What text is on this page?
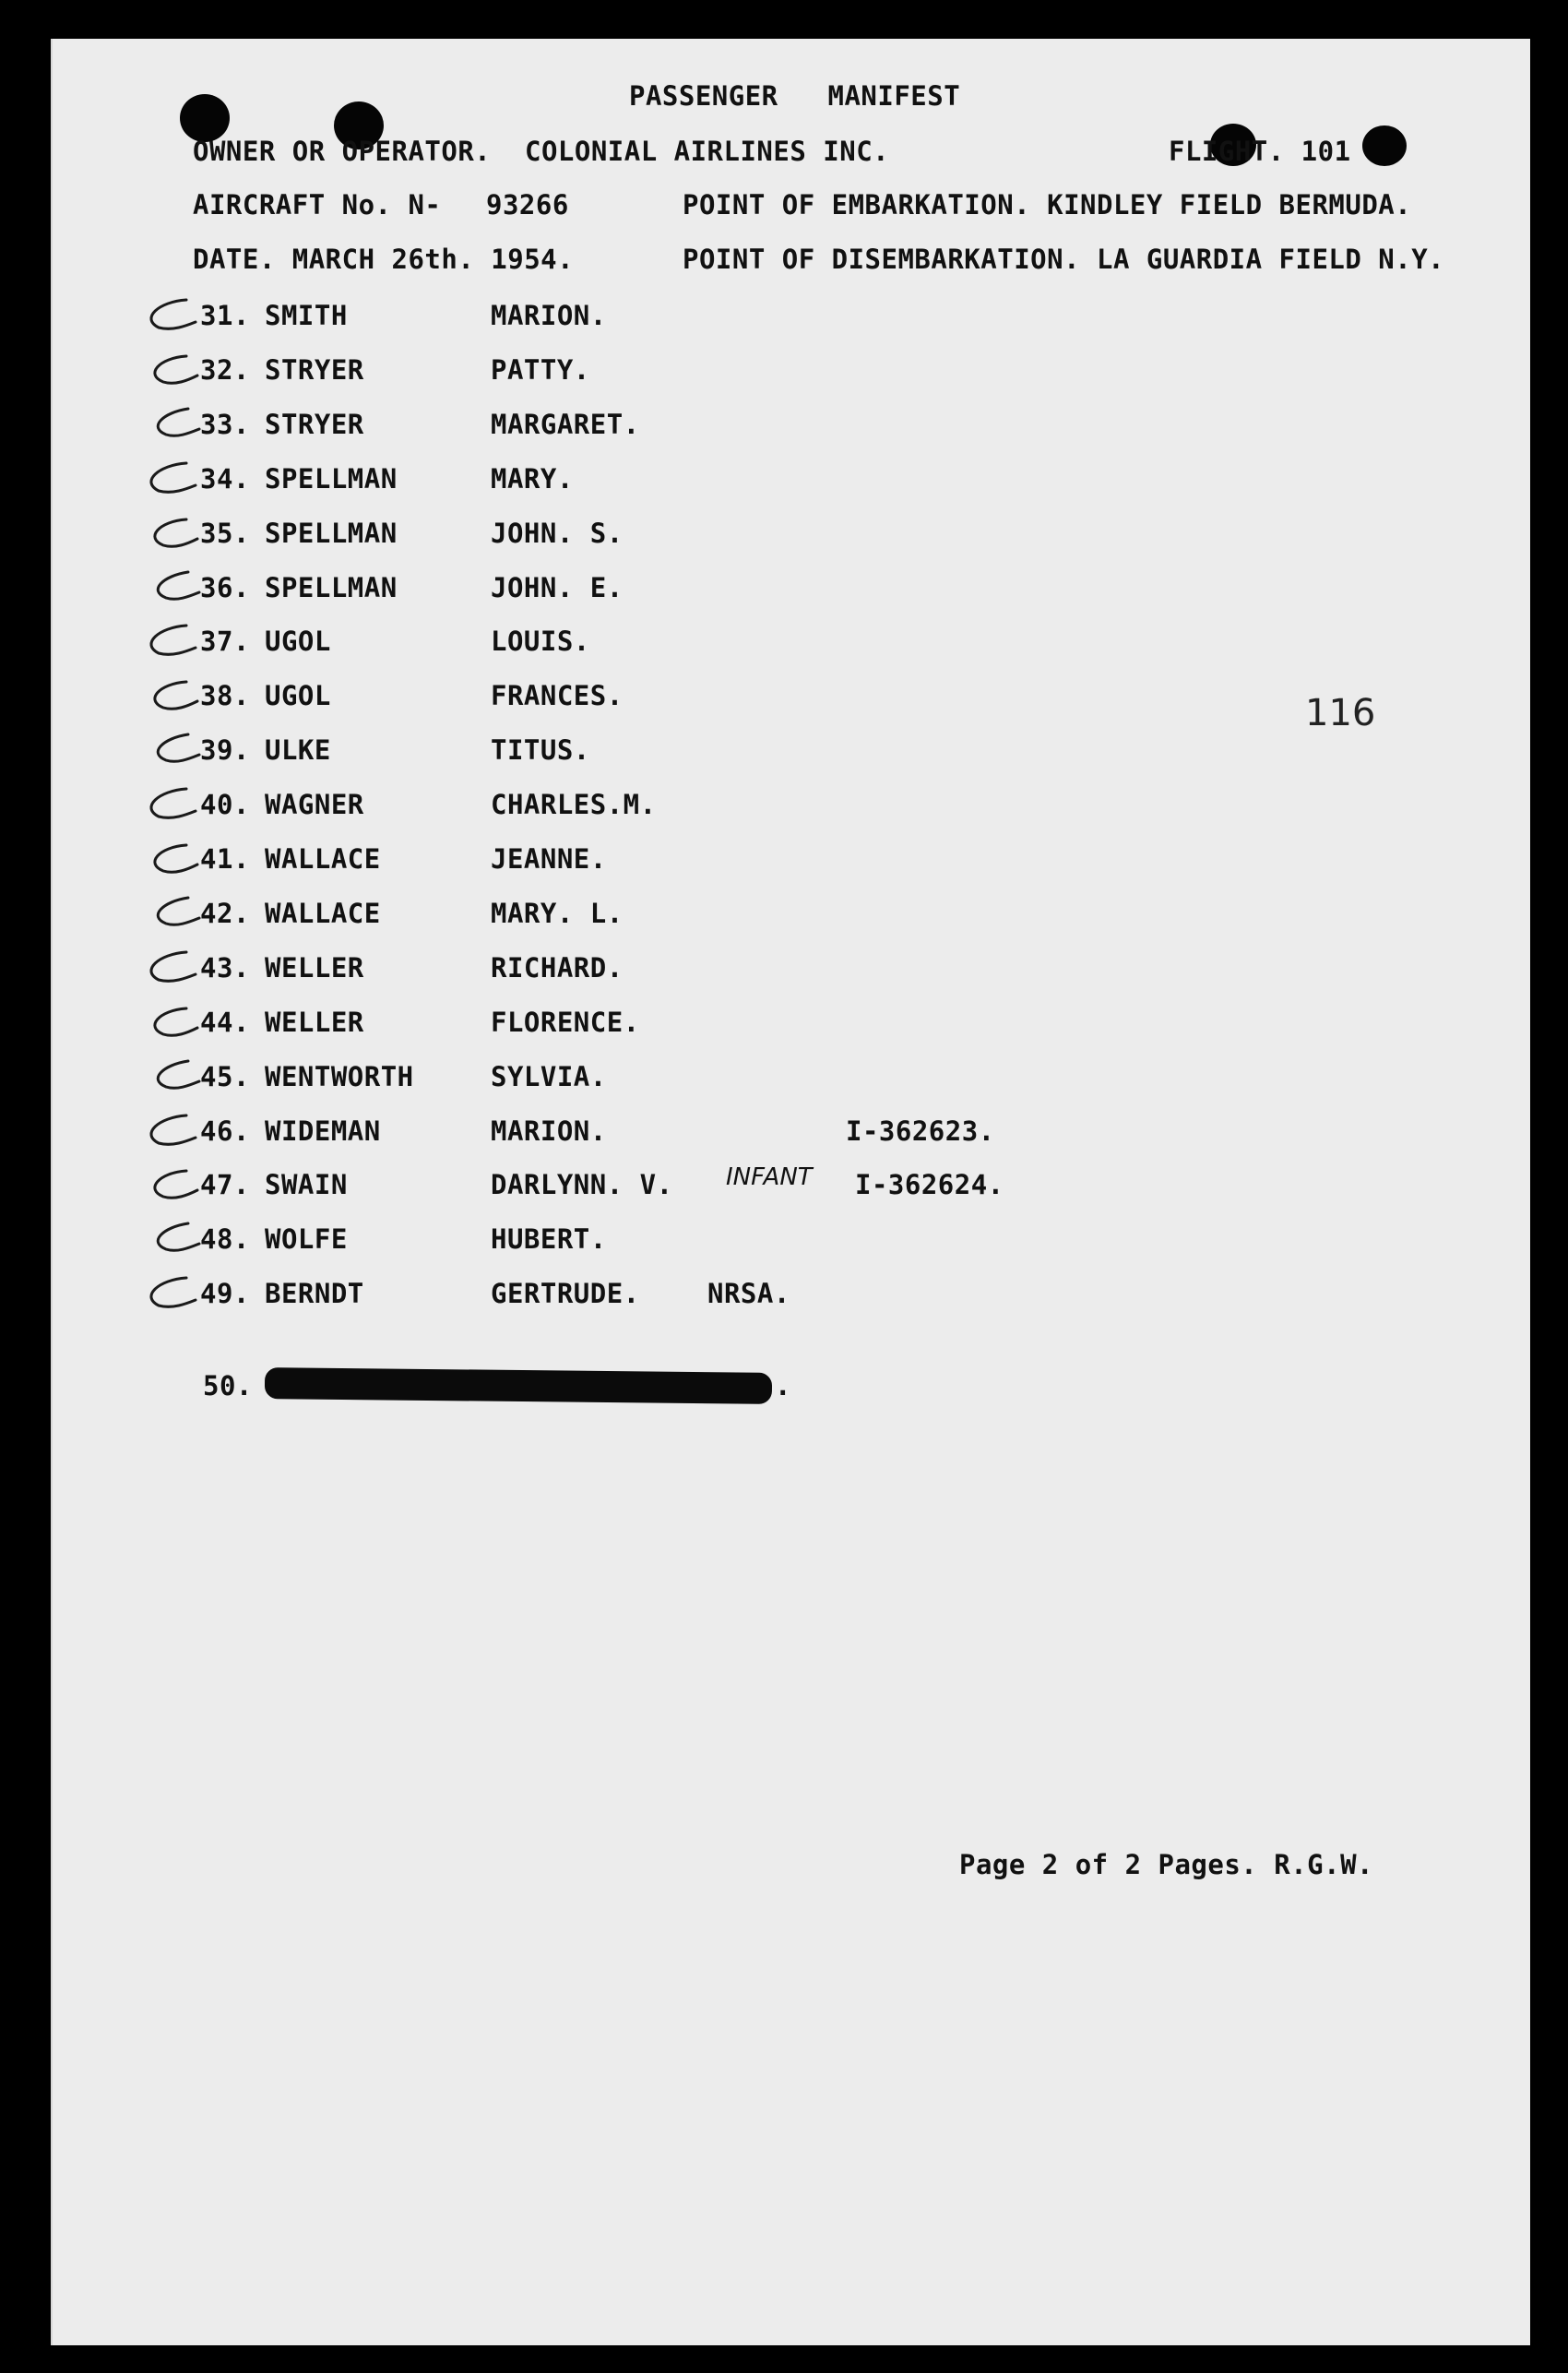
PASSENGER   MANIFEST
OWNER OR OPERATOR. COLONIAL AIRLINES INC.	FLIGHT. 101
AIRCRAFT No. N- 93266	POINT OF EMBARKATION. KINDLEY FIELD BERMUDA.
DATE. MARCH 26th. 1954.	POINT OF DISEMBARKATION. LA GUARDIA FIELD N.Y.
116
31. SMITH	MARION.
32. STRYER	PATTY.
33. STRYER	MARGARET.
34. SPELLMAN	MARY.
35. SPELLMAN	JOHN. S.
36. SPELLMAN	JOHN. E.
37. UGOL	LOUIS.
38. UGOL	FRANCES.
39. ULKE	TITUS.
40. WAGNER	CHARLES.M.
41. WALLACE	JEANNE.
42. WALLACE	MARY. L.
43. WELLER	RICHARD.
44. WELLER	FLORENCE.
45. WENTWORTH	SYLVIA.
46. WIDEMAN	MARION.	I-362623.
47. SWAIN	DARLYNN. V.	I-362624.
INFANT
48. WOLFE	HUBERT.
49. BERNDT	GERTRUDE.	NRSA.
50.	.
Page 2 of 2 Pages. R.G.W.
